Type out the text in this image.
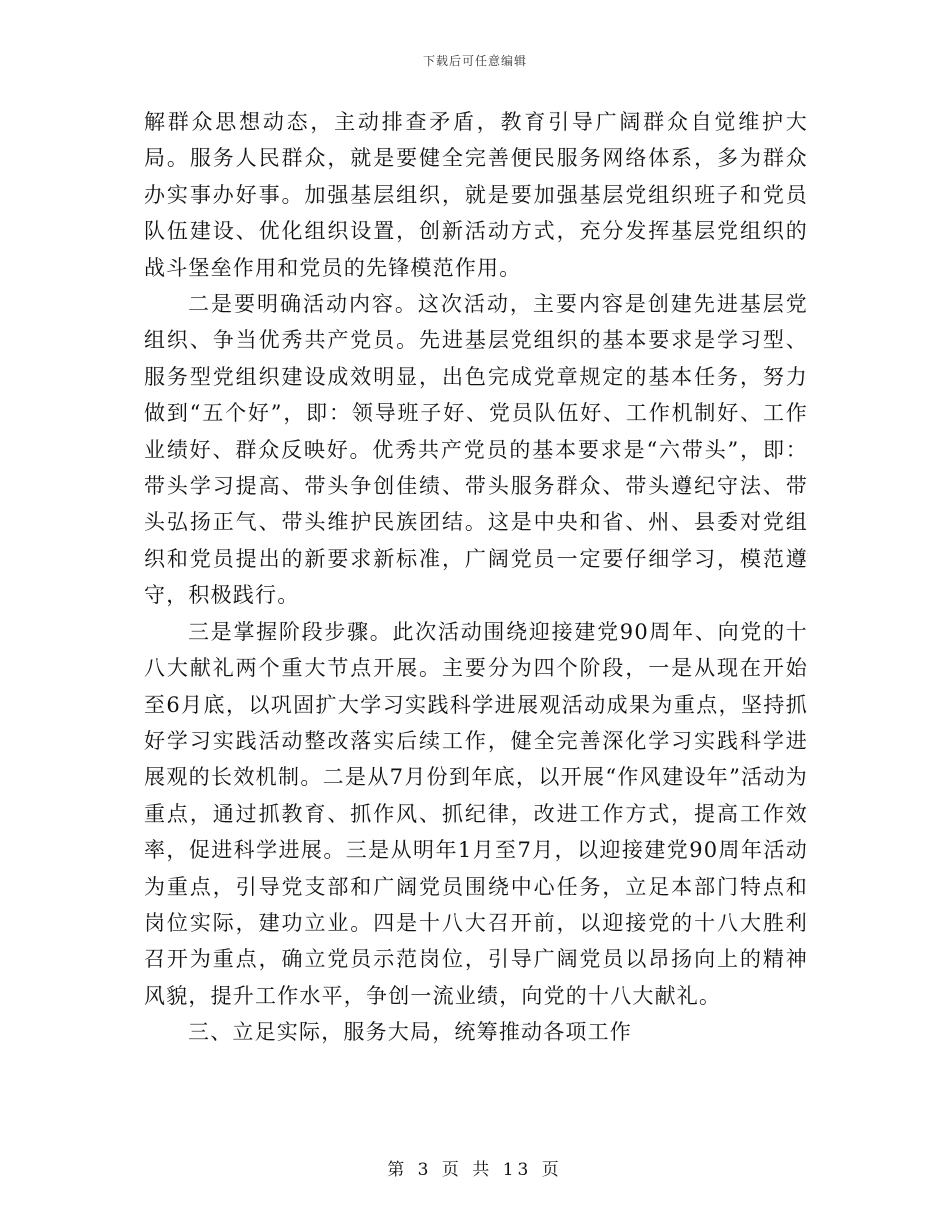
下载后可任意编辑

解群众思想动态，主动排查矛盾，教育引导广阔群众自觉维护大局。服务人民群众，就是要健全完善便民服务网络体系，多为群众办实事办好事。加强基层组织，就是要加强基层党组织班子和党员队伍建设、优化组织设置，创新活动方式，充分发挥基层党组织的战斗堡垒作用和党员的先锋模范作用。

二是要明确活动内容。这次活动，主要内容是创建先进基层党组织、争当优秀共产党员。先进基层党组织的基本要求是学习型、服务型党组织建设成效明显，出色完成党章规定的基本任务，努力做到“五个好”，即：领导班子好、党员队伍好、工作机制好、工作业绩好、群众反映好。优秀共产党员的基本要求是“六带头”，即：带头学习提高、带头争创佳绩、带头服务群众、带头遵纪守法、带头弘扬正气、带头维护民族团结。这是中央和省、州、县委对党组织和党员提出的新要求新标准，广阔党员一定要仔细学习，模范遵守，积极践行。

三是掌握阶段步骤。此次活动围绕迎接建党90周年、向党的十八大献礼两个重大节点开展。主要分为四个阶段，一是从现在开始至6月底，以巩固扩大学习实践科学进展观活动成果为重点，坚持抓好学习实践活动整改落实后续工作，健全完善深化学习实践科学进展观的长效机制。二是从7月份到年底，以开展“作风建设年”活动为重点，通过抓教育、抓作风、抓纪律，改进工作方式，提高工作效率，促进科学进展。三是从明年1月至7月，以迎接建党90周年活动为重点，引导党支部和广阔党员围绕中心任务，立足本部门特点和岗位实际，建功立业。四是十八大召开前，以迎接党的十八大胜利召开为重点，确立党员示范岗位，引导广阔党员以昂扬向上的精神风貌，提升工作水平，争创一流业绩，向党的十八大献礼。

三、立足实际，服务大局，统筹推动各项工作

第 3 页 共 13 页
